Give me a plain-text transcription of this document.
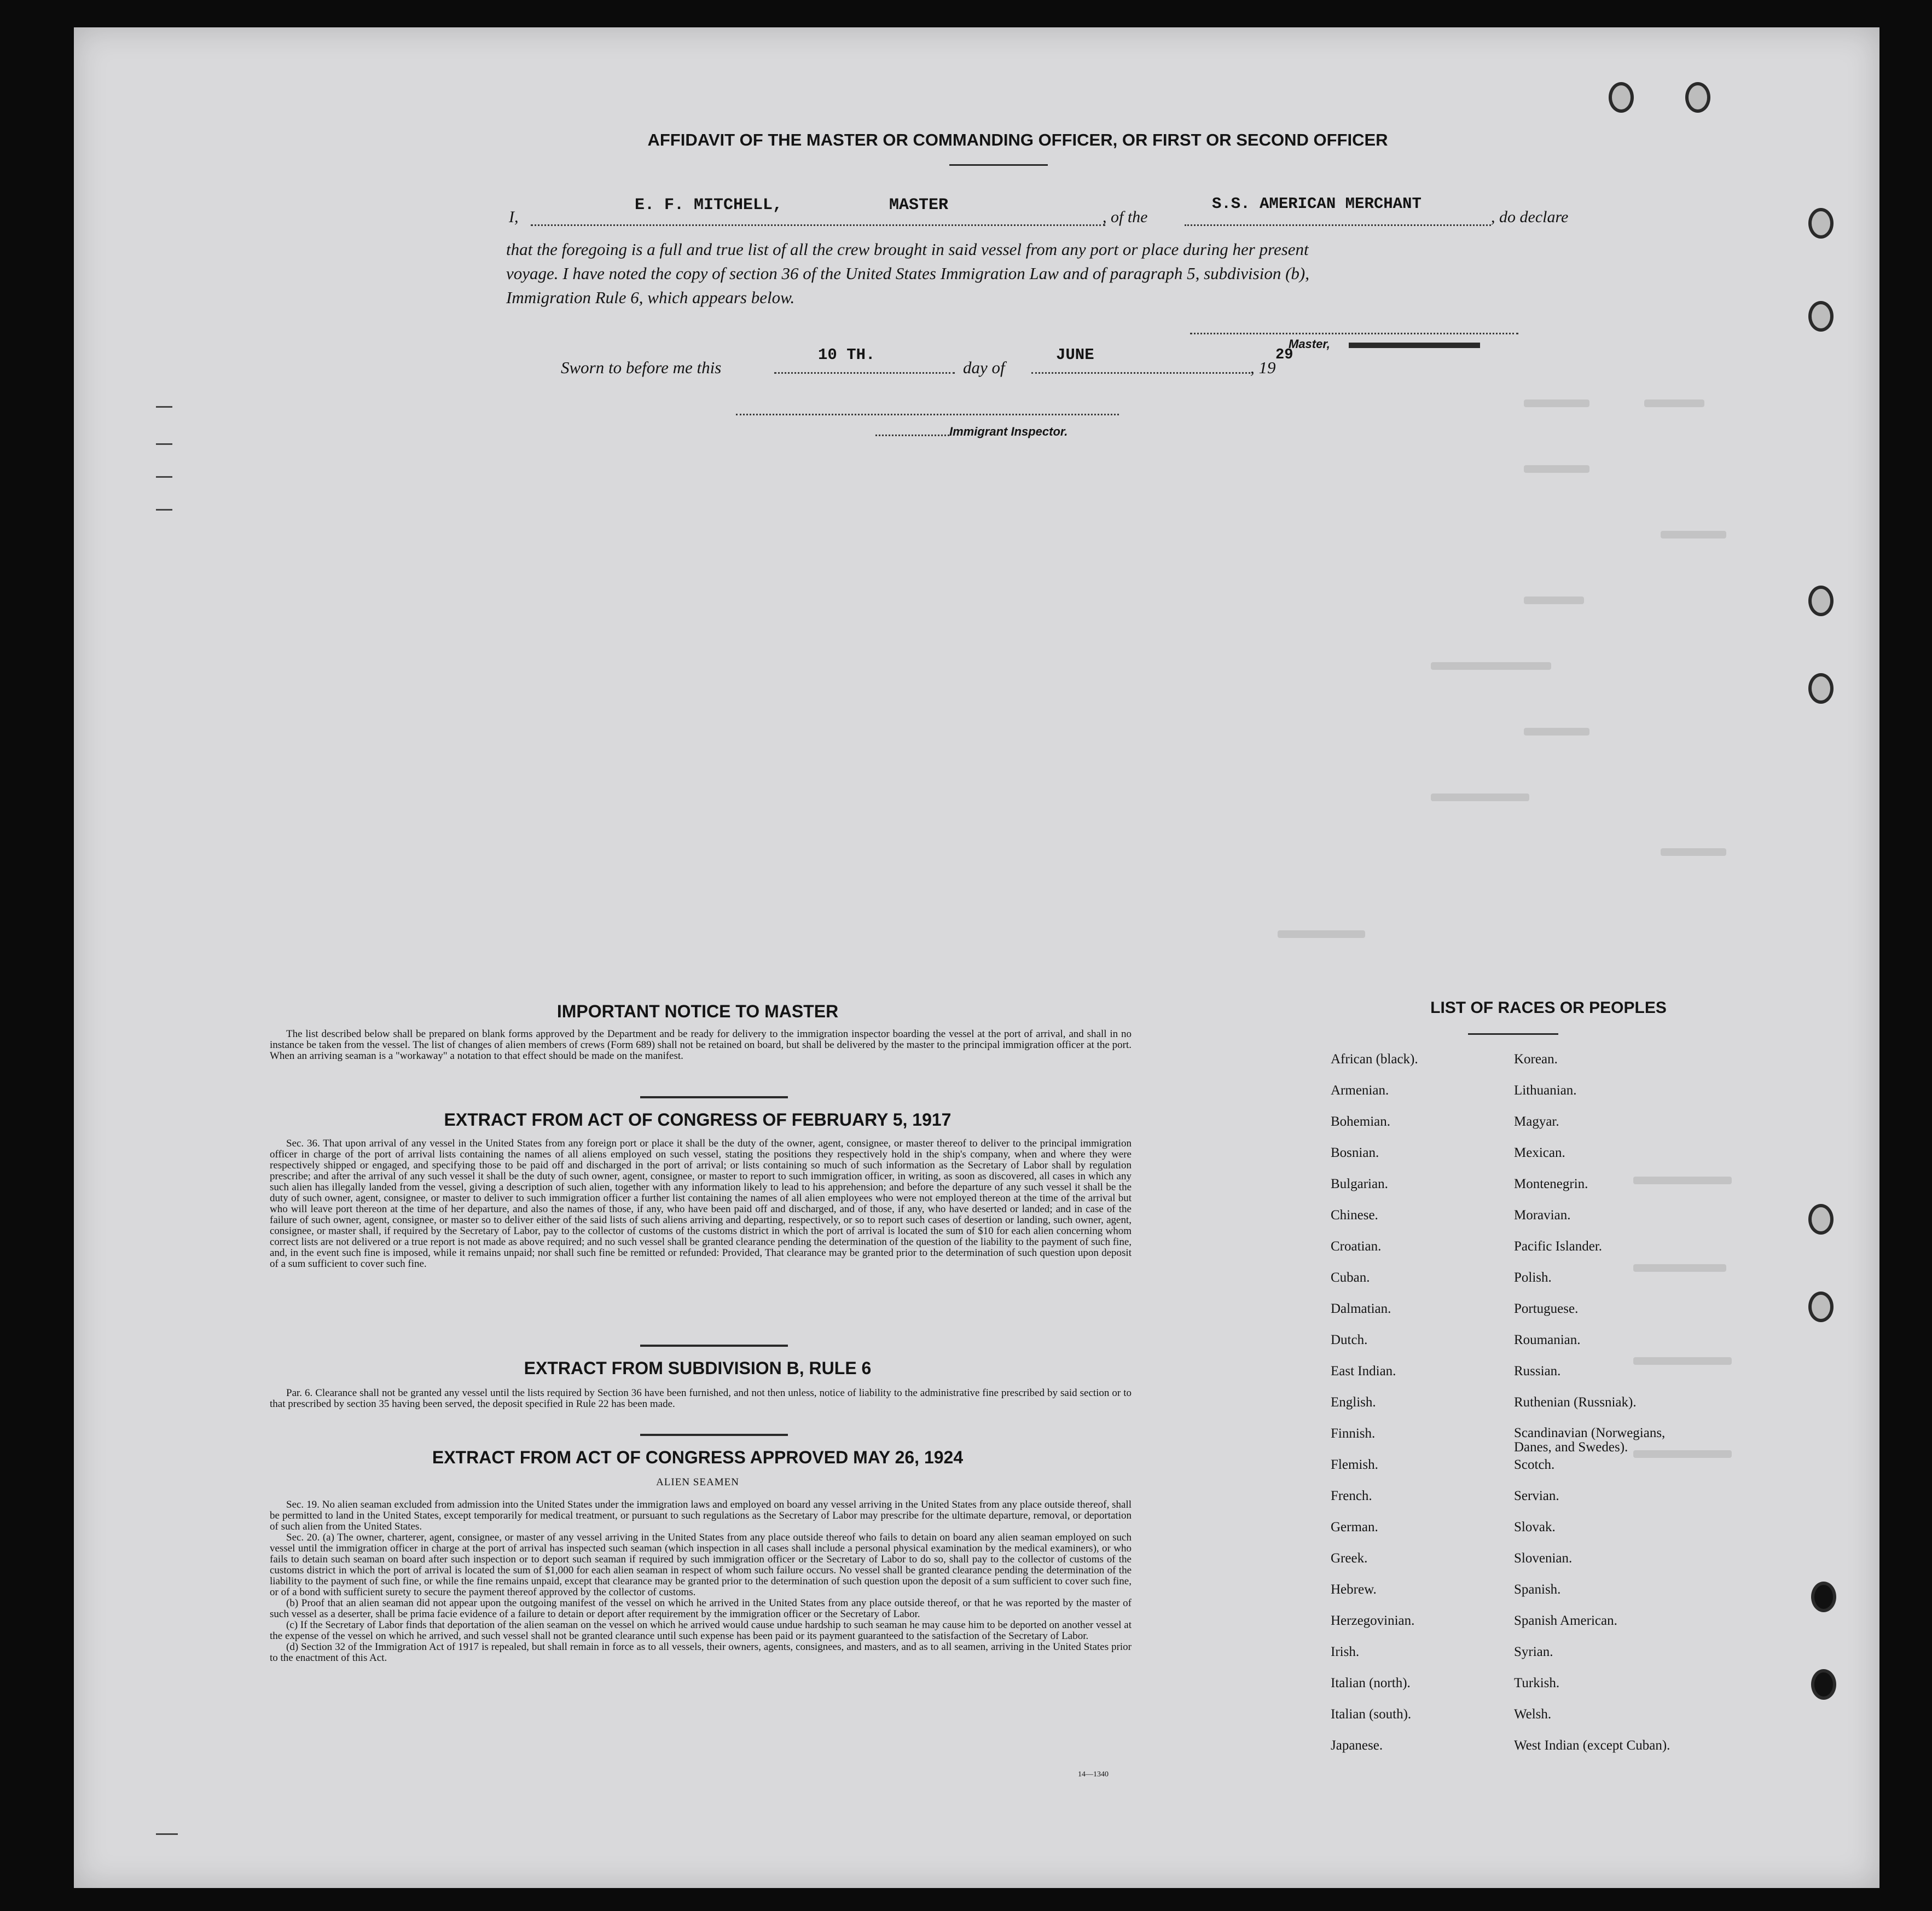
AFFIDAVIT OF THE MASTER OR COMMANDING OFFICER, OR FIRST OR SECOND OFFICER
I,
E. F. MITCHELL,	MASTER
, of the
S.S. AMERICAN MERCHANT
, do declare
that the foregoing is a full and true list of all the crew brought in said vessel from any port or place during her present
voyage. I have noted the copy of section 36 of the United States Immigration Law and of paragraph 5, subdivision (b),
Immigration Rule 6, which appears below.
Master,
Sworn to before me this
10 TH.
day of
JUNE
, 19
29
Immigrant Inspector.
IMPORTANT NOTICE TO MASTER

The list described below shall be prepared on blank forms approved by the Department and be ready for delivery to the immigration inspector boarding the vessel at the port of arrival, and shall in no instance be taken from the vessel. The list of changes of alien members of crews (Form 689) shall not be retained on board, but shall be delivered by the master to the principal immigration officer at the port. When an arriving seaman is a "workaway" a notation to that effect should be made on the manifest.

EXTRACT FROM ACT OF CONGRESS OF FEBRUARY 5, 1917

Sec. 36. That upon arrival of any vessel in the United States from any foreign port or place it shall be the duty of the owner, agent, consignee, or master thereof to deliver to the principal immigration officer in charge of the port of arrival lists containing the names of all aliens employed on such vessel, stating the positions they respectively hold in the ship's company, when and where they were respectively shipped or engaged, and specifying those to be paid off and discharged in the port of arrival; or lists containing so much of such information as the Secretary of Labor shall by regulation prescribe; and after the arrival of any such vessel it shall be the duty of such owner, agent, consignee, or master to report to such immigration officer, in writing, as soon as discovered, all cases in which any such alien has illegally landed from the vessel, giving a description of such alien, together with any information likely to lead to his apprehension; and before the departure of any such vessel it shall be the duty of such owner, agent, consignee, or master to deliver to such immigration officer a further list containing the names of all alien employees who were not employed thereon at the time of the arrival but who will leave port thereon at the time of her departure, and also the names of those, if any, who have been paid off and discharged, and of those, if any, who have deserted or landed; and in case of the failure of such owner, agent, consignee, or master so to deliver either of the said lists of such aliens arriving and departing, respectively, or so to report such cases of desertion or landing, such owner, agent, consignee, or master shall, if required by the Secretary of Labor, pay to the collector of customs of the customs district in which the port of arrival is located the sum of $10 for each alien concerning whom correct lists are not delivered or a true report is not made as above required; and no such vessel shall be granted clearance pending the determination of the question of the liability to the payment of such fine, and, in the event such fine is imposed, while it remains unpaid; nor shall such fine be remitted or refunded: Provided, That clearance may be granted prior to the determination of such question upon deposit of a sum sufficient to cover such fine.

EXTRACT FROM SUBDIVISION B, RULE 6

Par. 6. Clearance shall not be granted any vessel until the lists required by Section 36 have been furnished, and not then unless, notice of liability to the administrative fine prescribed by said section or to that prescribed by section 35 having been served, the deposit specified in Rule 22 has been made.

EXTRACT FROM ACT OF CONGRESS APPROVED MAY 26, 1924
ALIEN SEAMEN

Sec. 19. No alien seaman excluded from admission into the United States under the immigration laws and employed on board any vessel arriving in the United States from any place outside thereof, shall be permitted to land in the United States, except temporarily for medical treatment, or pursuant to such regulations as the Secretary of Labor may prescribe for the ultimate departure, removal, or deportation of such alien from the United States.

Sec. 20. (a) The owner, charterer, agent, consignee, or master of any vessel arriving in the United States from any place outside thereof who fails to detain on board any alien seaman employed on such vessel until the immigration officer in charge at the port of arrival has inspected such seaman (which inspection in all cases shall include a personal physical examination by the medical examiners), or who fails to detain such seaman on board after such inspection or to deport such seaman if required by such immigration officer or the Secretary of Labor to do so, shall pay to the collector of customs of the customs district in which the port of arrival is located the sum of $1,000 for each alien seaman in respect of whom such failure occurs. No vessel shall be granted clearance pending the determination of the liability to the payment of such fine, or while the fine remains unpaid, except that clearance may be granted prior to the determination of such question upon the deposit of a sum sufficient to cover such fine, or of a bond with sufficient surety to secure the payment thereof approved by the collector of customs.

(b) Proof that an alien seaman did not appear upon the outgoing manifest of the vessel on which he arrived in the United States from any place outside thereof, or that he was reported by the master of such vessel as a deserter, shall be prima facie evidence of a failure to detain or deport after requirement by the immigration officer or the Secretary of Labor.

(c) If the Secretary of Labor finds that deportation of the alien seaman on the vessel on which he arrived would cause undue hardship to such seaman he may cause him to be deported on another vessel at the expense of the vessel on which he arrived, and such vessel shall not be granted clearance until such expense has been paid or its payment guaranteed to the satisfaction of the Secretary of Labor.

(d) Section 32 of the Immigration Act of 1917 is repealed, but shall remain in force as to all vessels, their owners, agents, consignees, and masters, and as to all seamen, arriving in the United States prior to the enactment of this Act.

14—1340
LIST OF RACES OR PEOPLES
African (black).
Armenian.
Bohemian.
Bosnian.
Bulgarian.
Chinese.
Croatian.
Cuban.
Dalmatian.
Dutch.
East Indian.
English.
Finnish.
Flemish.
French.
German.
Greek.
Hebrew.
Herzegovinian.
Irish.
Italian (north).
Italian (south).
Japanese.
Korean.
Lithuanian.
Magyar.
Mexican.
Montenegrin.
Moravian.
Pacific Islander.
Polish.
Portuguese.
Roumanian.
Russian.
Ruthenian (Russniak).
Scandinavian (Norwegians, Danes, and Swedes).
Scotch.
Servian.
Slovak.
Slovenian.
Spanish.
Spanish American.
Syrian.
Turkish.
Welsh.
West Indian (except Cuban).
